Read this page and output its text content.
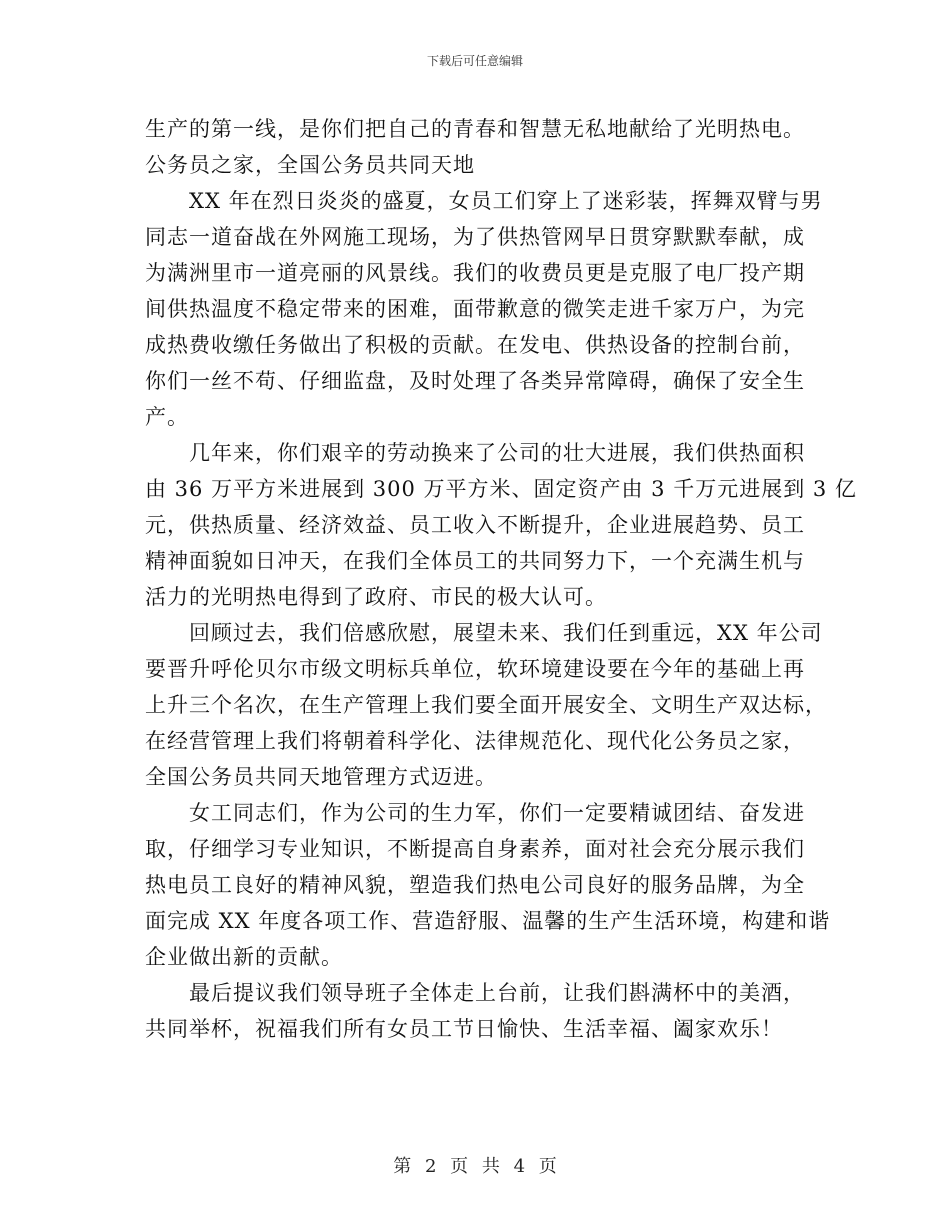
下载后可任意编辑
生产的第一线，是你们把自己的青春和智慧无私地献给了光明热电。
公务员之家，全国公务员共同天地
XX 年在烈日炎炎的盛夏，女员工们穿上了迷彩装，挥舞双臂与男
同志一道奋战在外网施工现场，为了供热管网早日贯穿默默奉献，成
为满洲里市一道亮丽的风景线。我们的收费员更是克服了电厂投产期
间供热温度不稳定带来的困难，面带歉意的微笑走进千家万户，为完
成热费收缴任务做出了积极的贡献。在发电、供热设备的控制台前，
你们一丝不苟、仔细监盘，及时处理了各类异常障碍，确保了安全生
产。
几年来，你们艰辛的劳动换来了公司的壮大进展，我们供热面积
由 36 万平方米进展到 300 万平方米、固定资产由 3 千万元进展到 3 亿
元，供热质量、经济效益、员工收入不断提升，企业进展趋势、员工
精神面貌如日冲天，在我们全体员工的共同努力下，一个充满生机与
活力的光明热电得到了政府、市民的极大认可。
回顾过去，我们倍感欣慰，展望未来、我们任到重远，XX 年公司
要晋升呼伦贝尔市级文明标兵单位，软环境建设要在今年的基础上再
上升三个名次，在生产管理上我们要全面开展安全、文明生产双达标，
在经营管理上我们将朝着科学化、法律规范化、现代化公务员之家，
全国公务员共同天地管理方式迈进。
女工同志们，作为公司的生力军，你们一定要精诚团结、奋发进
取，仔细学习专业知识，不断提高自身素养，面对社会充分展示我们
热电员工良好的精神风貌，塑造我们热电公司良好的服务品牌，为全
面完成 XX 年度各项工作、营造舒服、温馨的生产生活环境，构建和谐
企业做出新的贡献。
最后提议我们领导班子全体走上台前，让我们斟满杯中的美酒，
共同举杯，祝福我们所有女员工节日愉快、生活幸福、阖家欢乐！
第 2 页 共 4 页
